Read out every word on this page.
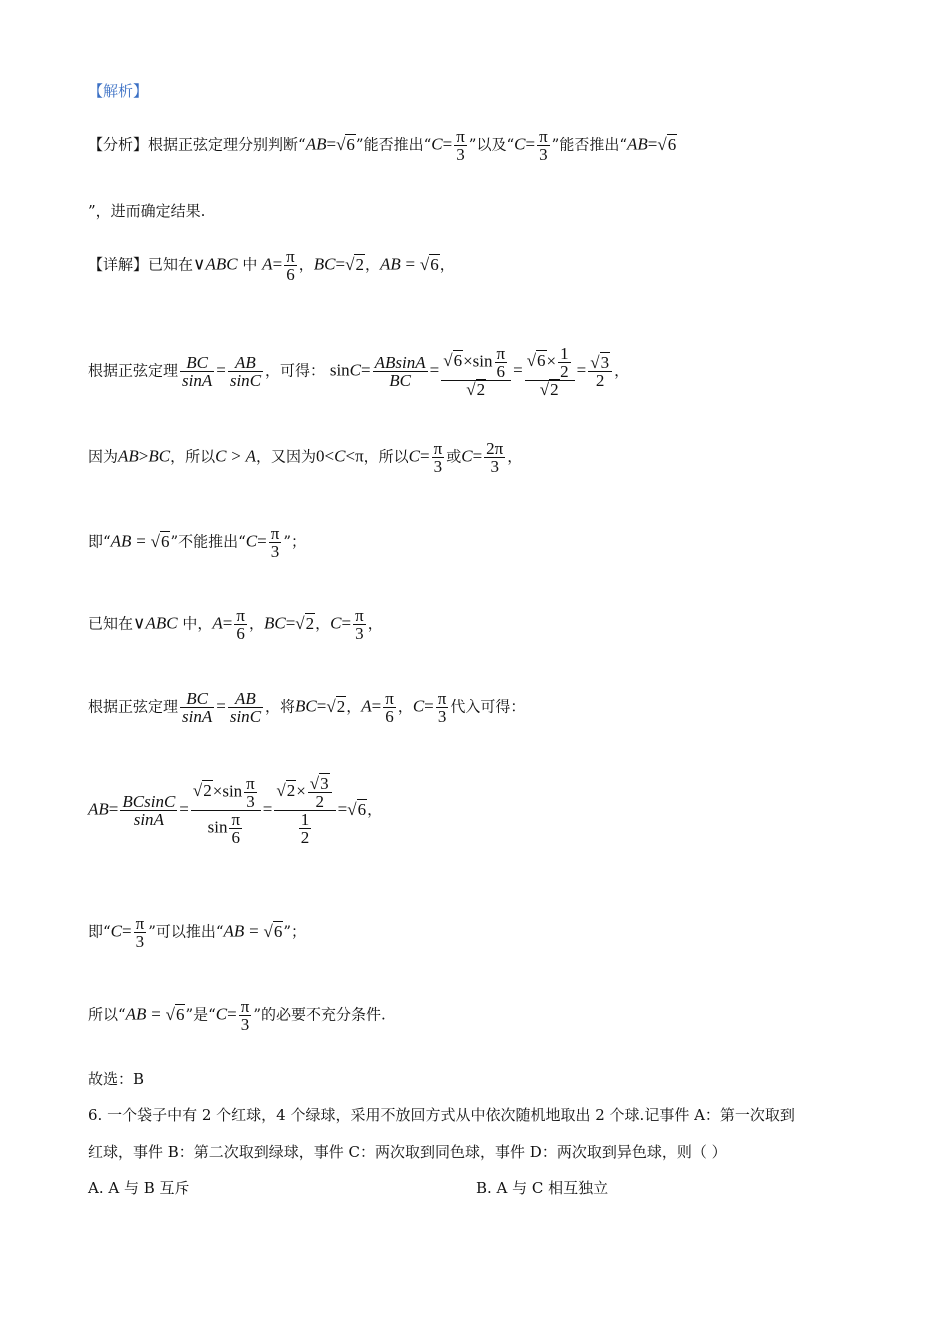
【解析】
【分析】根据正弦定理分别判断“AB=√6”能否推出“$C= \frac{\pi}{3}$ ”以及“$C= \frac{\pi}{3}$ ”能否推出“AB=√6
”，进而确定结果.
【详解】已知在∨ABC 中 $A= \frac{\pi}{6}$ ，BC=√2，AB = √6，
根据正弦定理 $\frac{BC}{\sin A} = \frac{AB}{\sin C}$ ，可得： $\sin C= \frac{ABsinA}{BC} = \frac{√6\times\sin \frac{\pi}{6}}{√2} = \frac{√6\times \frac{1}{2}}{√2} = \frac{√3}{2}$ ，
因为AB>BC，所以C > A，又因为0<C<π，所以$C= \frac{\pi}{3}$ 或$C= \frac{2\pi}{3}$ ，
即“AB = √6”不能推出“$C= \frac{\pi}{3}$ ”；
已知在∨ABC 中，$A= \frac{\pi}{6}$ ，BC=√2，$C= \frac{\pi}{3}$ ，
根据正弦定理 $\frac{BC}{\sin A} = \frac{AB}{\sin C}$ ，将BC=√2，$A= \frac{\pi}{6}$ ，$C= \frac{\pi}{3}$ 代入可得：
$AB= \frac{BCsinC}{\sin A} = \frac{√2\times\sin \frac{\pi}{3}}{\sin \frac{\pi}{6}} = \frac{√2\times \frac{√3}{2}}{\frac{1}{2}} =√6$，
即“$C= \frac{\pi}{3}$ ”可以推出“AB = √6”；
所以“AB = √6”是“$C= \frac{\pi}{3}$ ”的必要不充分条件.
故选：B
6. 一个袋子中有 2 个红球，4 个绿球，采用不放回方式从中依次随机地取出 2 个球.记事件 A：第一次取到
红球，事件 B：第二次取到绿球，事件 C：两次取到同色球，事件 D：两次取到异色球，则（ ）
A. A 与 B 互斥	B. A 与 C 相互独立
